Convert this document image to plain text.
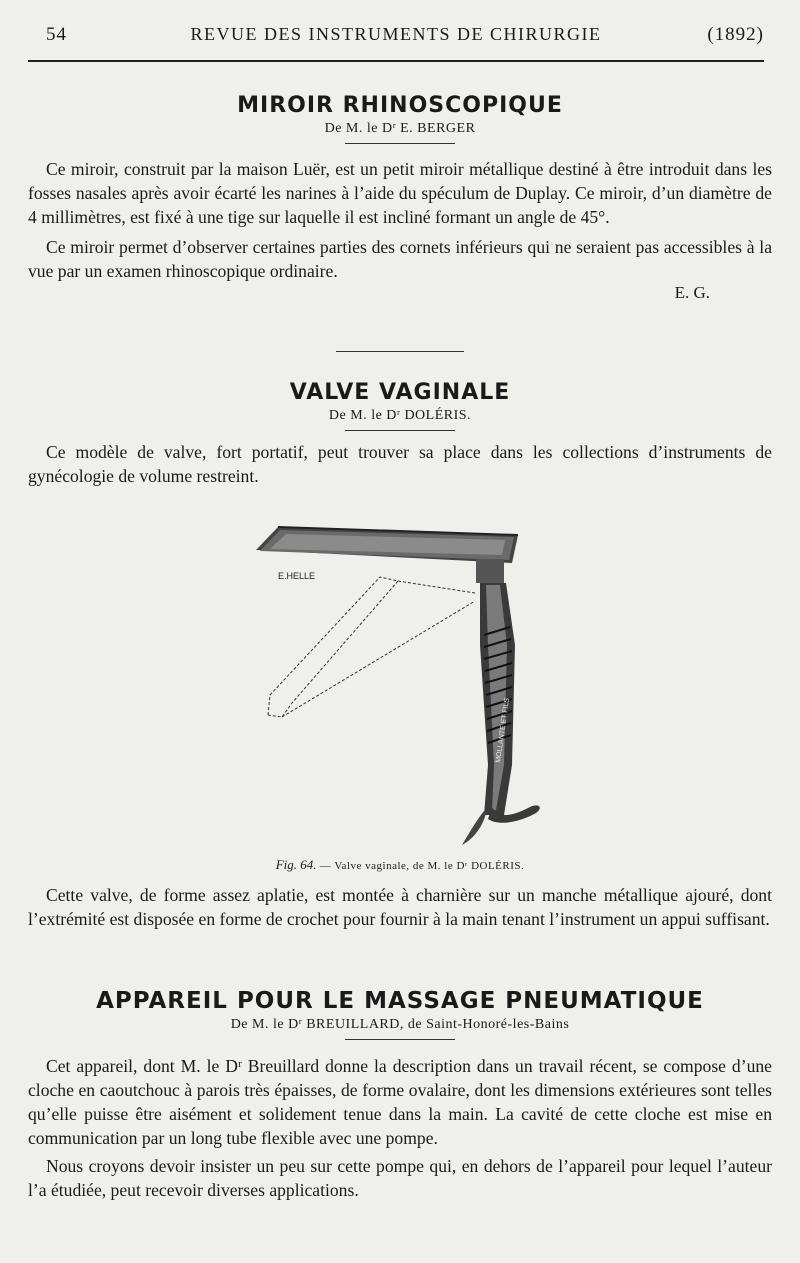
54	REVUE DES INSTRUMENTS DE CHIRURGIE	(1892)
MIROIR RHINOSCOPIQUE

De M. le Dʳ E. BERGER

Ce miroir, construit par la maison Luër, est un petit miroir métallique destiné à être introduit dans les fosses nasales après avoir écarté les narines à l’aide du spéculum de Duplay. Ce miroir, d’un diamètre de 4 millimètres, est fixé à une tige sur laquelle il est incliné formant un angle de 45°.

Ce miroir permet d’observer certaines parties des cornets inférieurs qui ne seraient pas accessibles à la vue par un examen rhinoscopique ordinaire.

E. G.

VALVE VAGINALE

De M. le Dʳ DOLÉRIS.

Ce modèle de valve, fort portatif, peut trouver sa place dans les collections d’instruments de gynécologie de volume restreint.

E.HELLE
MOLLANTE ET FILS
Fig. 64. — Valve vaginale, de M. le Dʳ DOLÉRIS.

Cette valve, de forme assez aplatie, est montée à charnière sur un manche métallique ajouré, dont l’extrémité est disposée en forme de crochet pour fournir à la main tenant l’instrument un appui suffisant.

APPAREIL POUR LE MASSAGE PNEUMATIQUE

De M. le Dʳ BREUILLARD, de Saint-Honoré-les-Bains

Cet appareil, dont M. le Dʳ Breuillard donne la description dans un travail récent, se compose d’une cloche en caoutchouc à parois très épaisses, de forme ovalaire, dont les dimensions extérieures sont telles qu’elle puisse être aisément et solidement tenue dans la main. La cavité de cette cloche est mise en communication par un long tube flexible avec une pompe.

Nous croyons devoir insister un peu sur cette pompe qui, en dehors de l’appareil pour lequel l’auteur l’a étudiée, peut recevoir diverses applications.
